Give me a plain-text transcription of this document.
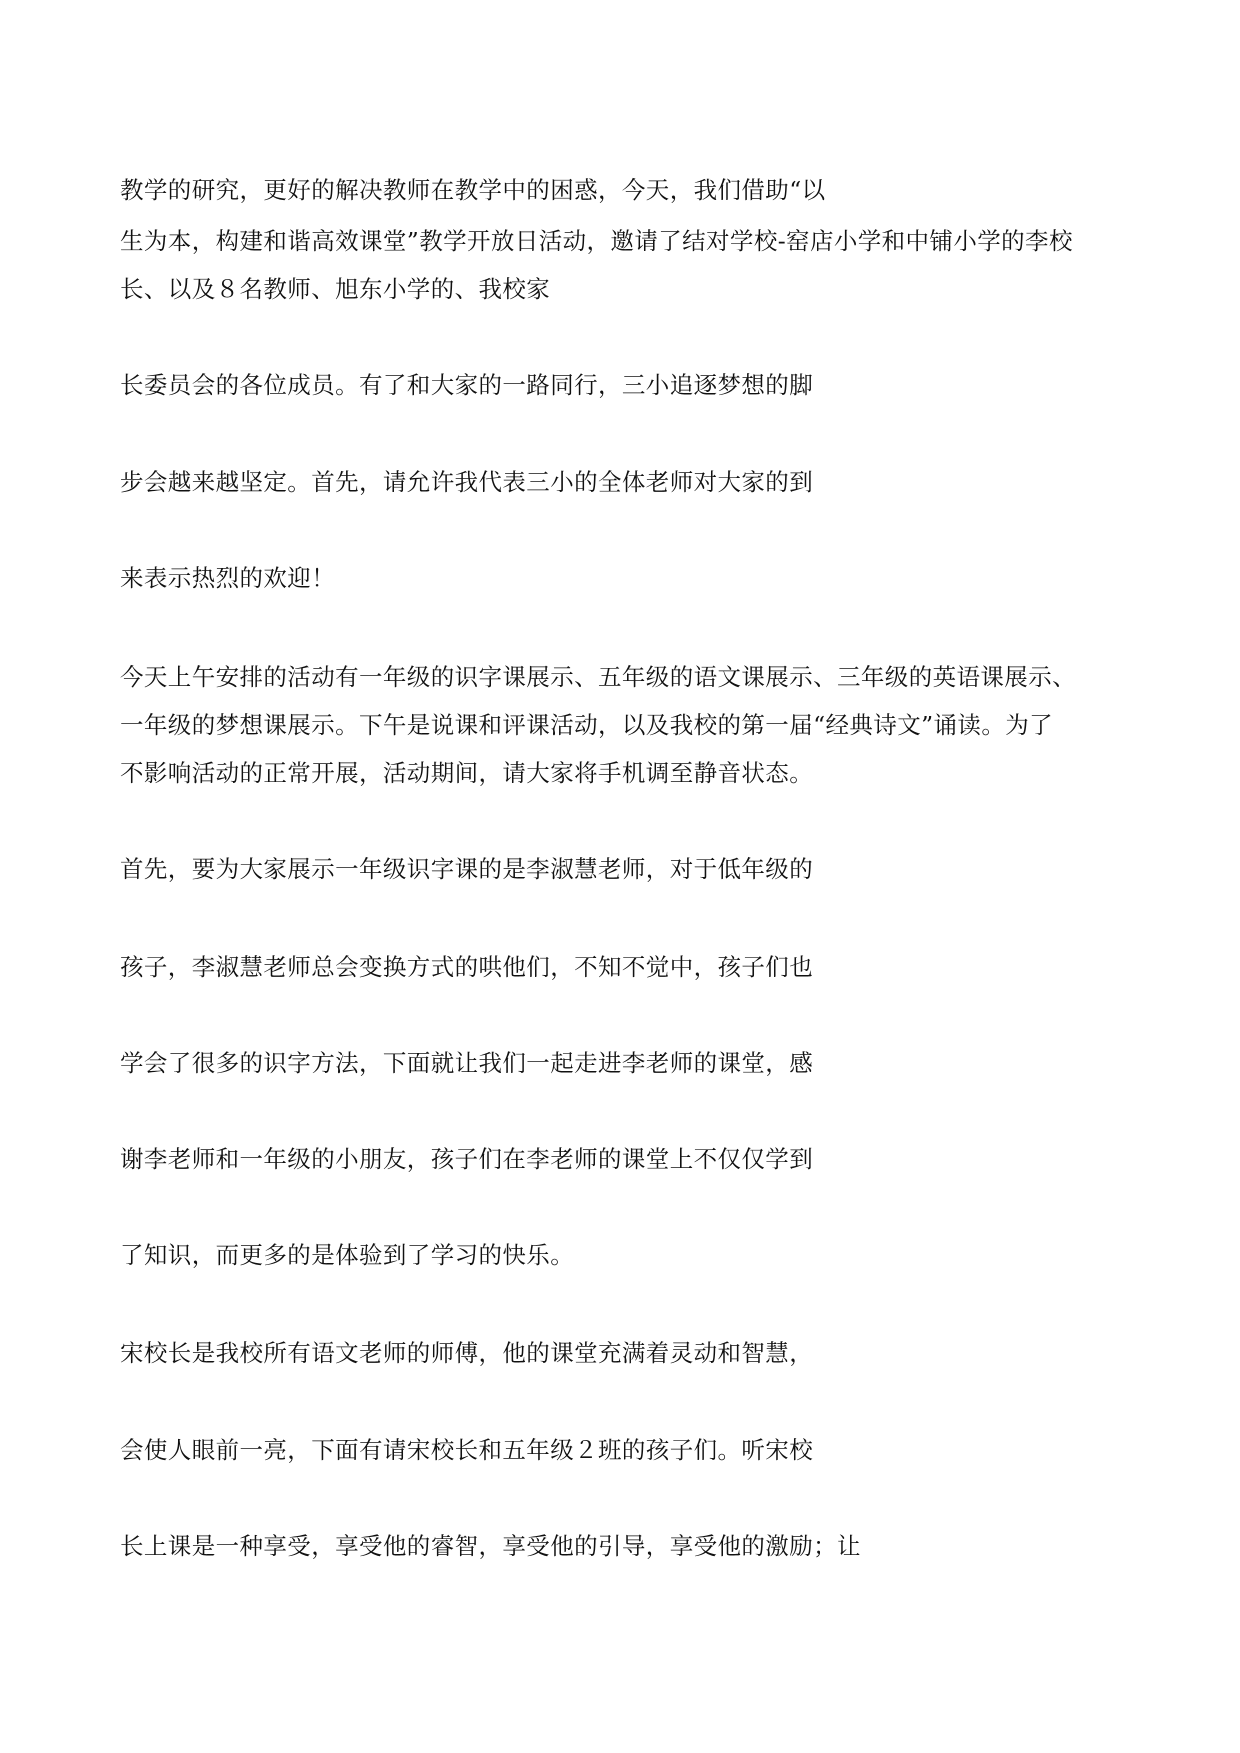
教学的研究，更好的解决教师在教学中的困惑，今天，我们借助“以
生为本，构建和谐高效课堂”教学开放日活动，邀请了结对学校-窑店小学和中铺小学的李校
长、以及８名教师、旭东小学的、我校家
长委员会的各位成员。有了和大家的一路同行，三小追逐梦想的脚
步会越来越坚定。首先，请允许我代表三小的全体老师对大家的到
来表示热烈的欢迎！
今天上午安排的活动有一年级的识字课展示、五年级的语文课展示、三年级的英语课展示、
一年级的梦想课展示。下午是说课和评课活动，以及我校的第一届“经典诗文”诵读。为了
不影响活动的正常开展，活动期间，请大家将手机调至静音状态。
首先，要为大家展示一年级识字课的是李淑慧老师，对于低年级的
孩子，李淑慧老师总会变换方式的哄他们，不知不觉中，孩子们也
学会了很多的识字方法，下面就让我们一起走进李老师的课堂，感
谢李老师和一年级的小朋友，孩子们在李老师的课堂上不仅仅学到
了知识，而更多的是体验到了学习的快乐。
宋校长是我校所有语文老师的师傅，他的课堂充满着灵动和智慧，
会使人眼前一亮，下面有请宋校长和五年级２班的孩子们。听宋校
长上课是一种享受，享受他的睿智，享受他的引导，享受他的激励；让
